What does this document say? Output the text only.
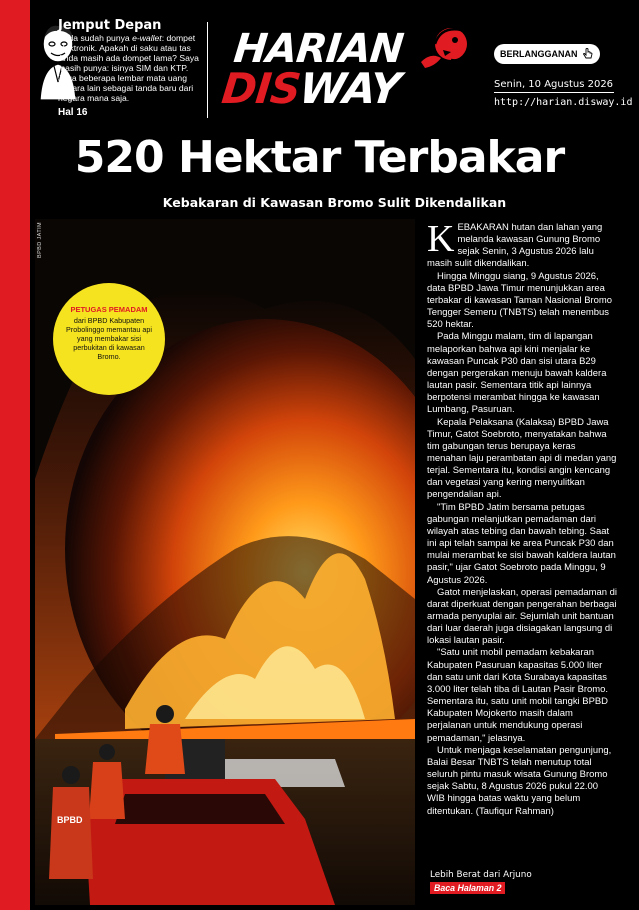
Jemput Depan
Anda sudah punya e-wallet: dompet elektronik. Apakah di saku atau tas Anda masih ada dompet lama? Saya masih punya: isinya SIM dan KTP. Juga beberapa lembar mata uang negara lain sebagai tanda baru dari negara mana saja.
Hal 16
HARIAN
DISWAY
BERLANGGANAN
Senin, 10 Agustus 2026
http://harian.disway.id
520 Hektar Terbakar
Kebakaran di Kawasan Bromo Sulit Dikendalikan
BPBD
BPBD JATIM
PETUGAS PEMADAM
dari BPBD Kabupaten Probolinggo memantau api yang membakar sisi perbukitan di kawasan Bromo.

KEBAKARAN hutan dan lahan yang melanda kawasan Gunung Bromo sejak Senin, 3 Agustus 2026 lalu masih sulit dikendalikan.

Hingga Minggu siang, 9 Agustus 2026, data BPBD Jawa Timur menunjukkan area terbakar di kawasan Taman Nasional Bromo Tengger Semeru (TNBTS) telah menembus 520 hektar.

Pada Minggu malam, tim di lapangan melaporkan bahwa api kini menjalar ke kawasan Puncak P30 dan sisi utara B29 dengan pergerakan menuju bawah kaldera lautan pasir. Sementara titik api lainnya berpotensi merambat hingga ke kawasan Lumbang, Pasuruan.

Kepala Pelaksana (Kalaksa) BPBD Jawa Timur, Gatot Soebroto, menyatakan bahwa tim gabungan terus berupaya keras menahan laju perambatan api di medan yang terjal. Sementara itu, kondisi angin kencang dan vegetasi yang kering menyulitkan pengendalian api.

"Tim BPBD Jatim bersama petugas gabungan melanjutkan pemadaman dari wilayah atas tebing dan bawah tebing. Saat ini api telah sampai ke area Puncak P30 dan mulai merambat ke sisi bawah kaldera lautan pasir," ujar Gatot Soebroto pada Minggu, 9 Agustus 2026.

Gatot menjelaskan, operasi pemadaman di darat diperkuat dengan pengerahan berbagai armada penyuplai air. Sejumlah unit bantuan dari luar daerah juga disiagakan langsung di lokasi lautan pasir.

"Satu unit mobil pemadam kebakaran Kabupaten Pasuruan kapasitas 5.000 liter dan satu unit dari Kota Surabaya kapasitas 3.000 liter telah tiba di Lautan Pasir Bromo. Sementara itu, satu unit mobil tangki BPBD Kabupaten Mojokerto masih dalam perjalanan untuk mendukung operasi pemadaman," jelasnya.

Untuk menjaga keselamatan pengunjung, Balai Besar TNBTS telah menutup total seluruh pintu masuk wisata Gunung Bromo sejak Sabtu, 8 Agustus 2026 pukul 22.00 WIB hingga batas waktu yang belum ditentukan. (Taufiqur Rahman)

Lebih Berat dari Arjuno
Baca Halaman 2
